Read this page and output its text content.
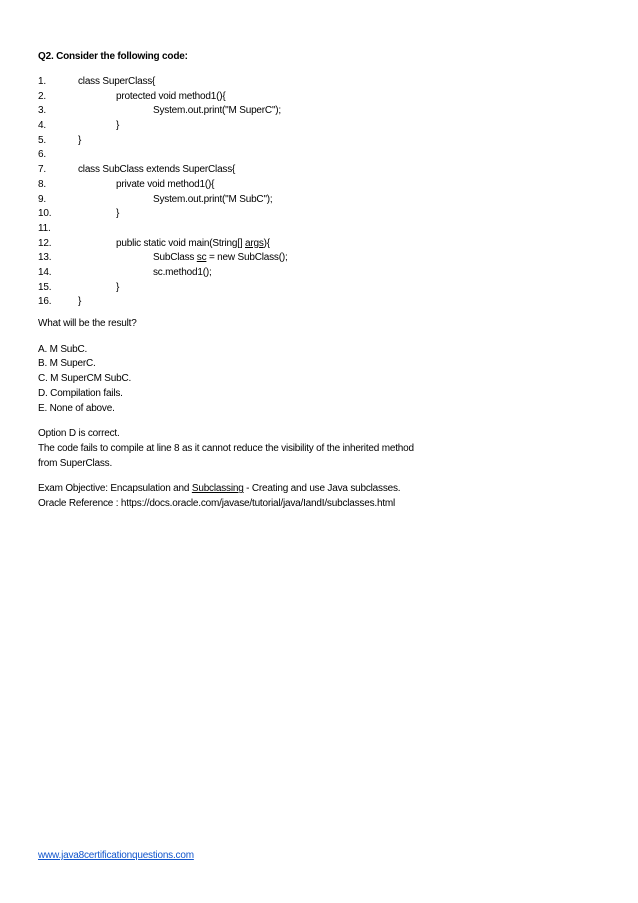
Q2. Consider the following code:
1.	class SuperClass{
2.	protected void method1(){
3.	System.out.print("M SuperC");
4.	}
5.	}
6.
7.	class SubClass extends SuperClass{
8.	private void method1(){
9.	System.out.print("M SubC");
10.	}
11.
12.	public static void main(String[] args){
13.	SubClass sc = new SubClass();
14.	sc.method1();
15.	}
16.	}
What will be the result?
A. M SubC.
B. M SuperC.
C. M SuperCM SubC.
D. Compilation fails.
E. None of above.
Option D is correct.
The code fails to compile at line 8 as it cannot reduce the visibility of the inherited method
from SuperClass.
Exam Objective: Encapsulation and Subclassing - Creating and use Java subclasses.
Oracle Reference : https://docs.oracle.com/javase/tutorial/java/IandI/subclasses.html
www.java8certificationquestions.com
